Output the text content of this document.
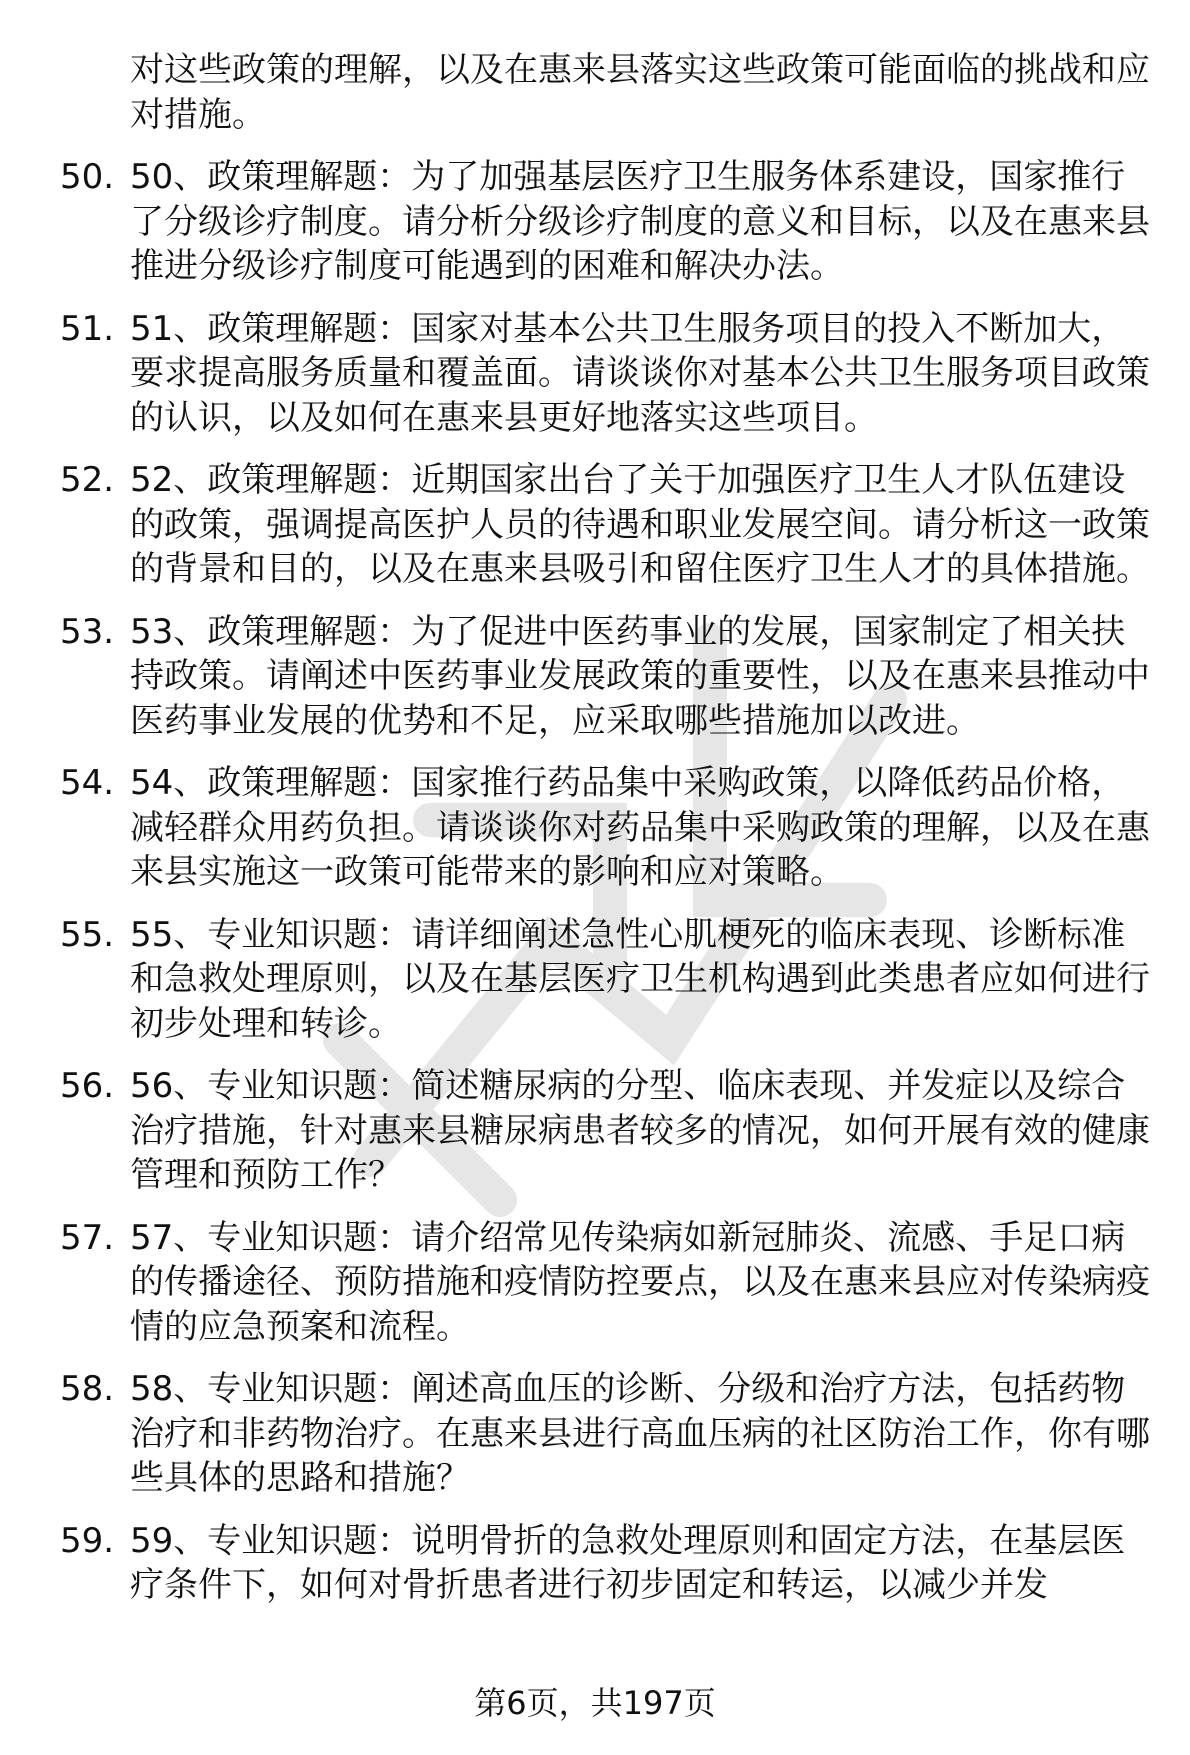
对这些政策的理解，以及在惠来县落实这些政策可能面临的挑战和应对措施。
50. 50、政策理解题：为了加强基层医疗卫生服务体系建设，国家推行了分级诊疗制度。请分析分级诊疗制度的意义和目标，以及在惠来县推进分级诊疗制度可能遇到的困难和解决办法。
51. 51、政策理解题：国家对基本公共卫生服务项目的投入不断加大，要求提高服务质量和覆盖面。请谈谈你对基本公共卫生服务项目政策的认识，以及如何在惠来县更好地落实这些项目。
52. 52、政策理解题：近期国家出台了关于加强医疗卫生人才队伍建设的政策，强调提高医护人员的待遇和职业发展空间。请分析这一政策的背景和目的，以及在惠来县吸引和留住医疗卫生人才的具体措施。
53. 53、政策理解题：为了促进中医药事业的发展，国家制定了相关扶持政策。请阐述中医药事业发展政策的重要性，以及在惠来县推动中医药事业发展的优势和不足，应采取哪些措施加以改进。
54. 54、政策理解题：国家推行药品集中采购政策，以降低药品价格，减轻群众用药负担。请谈谈你对药品集中采购政策的理解，以及在惠来县实施这一政策可能带来的影响和应对策略。
55. 55、专业知识题：请详细阐述急性心肌梗死的临床表现、诊断标准和急救处理原则，以及在基层医疗卫生机构遇到此类患者应如何进行初步处理和转诊。
56. 56、专业知识题：简述糖尿病的分型、临床表现、并发症以及综合治疗措施，针对惠来县糖尿病患者较多的情况，如何开展有效的健康管理和预防工作？
57. 57、专业知识题：请介绍常见传染病如新冠肺炎、流感、手足口病的传播途径、预防措施和疫情防控要点，以及在惠来县应对传染病疫情的应急预案和流程。
58. 58、专业知识题：阐述高血压的诊断、分级和治疗方法，包括药物治疗和非药物治疗。在惠来县进行高血压病的社区防治工作，你有哪些具体的思路和措施？
59. 59、专业知识题：说明骨折的急救处理原则和固定方法，在基层医疗条件下，如何对骨折患者进行初步固定和转运，以减少并发
第6页，共197页
